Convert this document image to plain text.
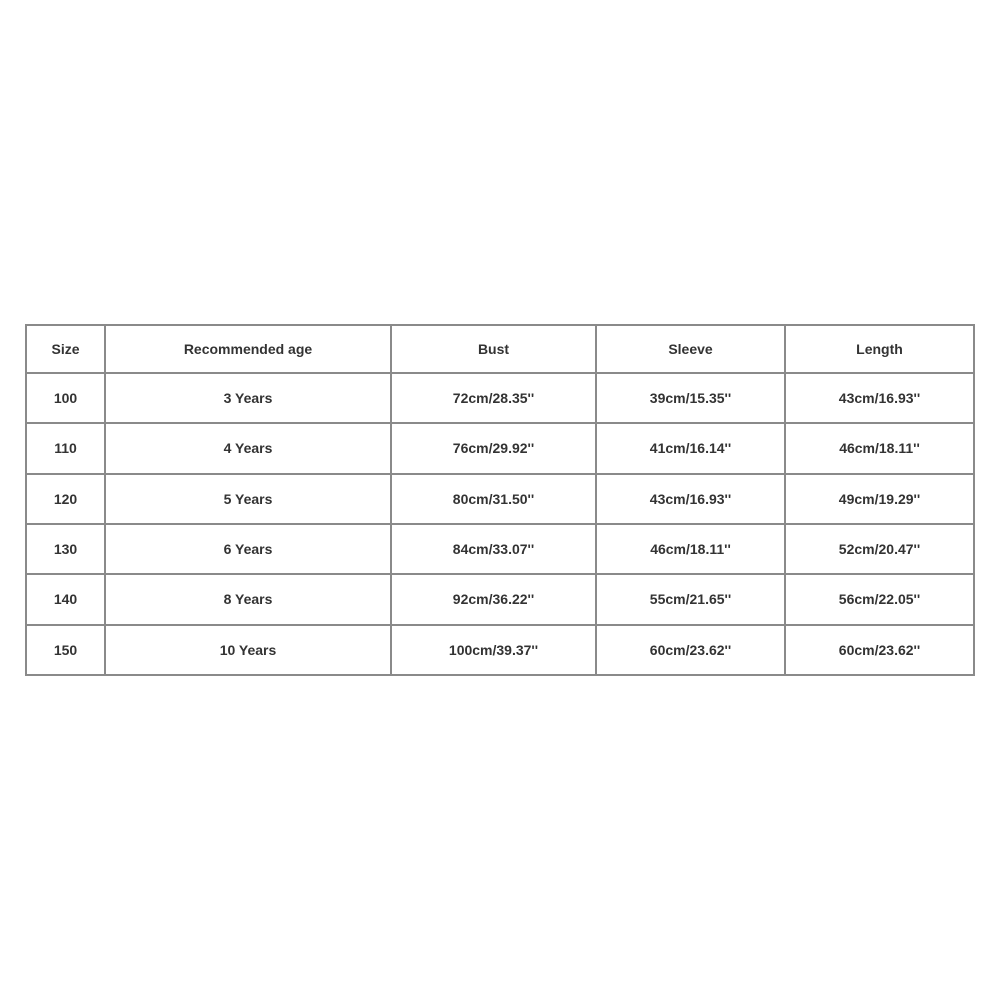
Size	Recommended age	Bust	Sleeve	Length
100	3 Years	72cm/28.35''	39cm/15.35''	43cm/16.93''
110	4 Years	76cm/29.92''	41cm/16.14''	46cm/18.11''
120	5 Years	80cm/31.50''	43cm/16.93''	49cm/19.29''
130	6 Years	84cm/33.07''	46cm/18.11''	52cm/20.47''
140	8 Years	92cm/36.22''	55cm/21.65''	56cm/22.05''
150	10 Years	100cm/39.37''	60cm/23.62''	60cm/23.62''
